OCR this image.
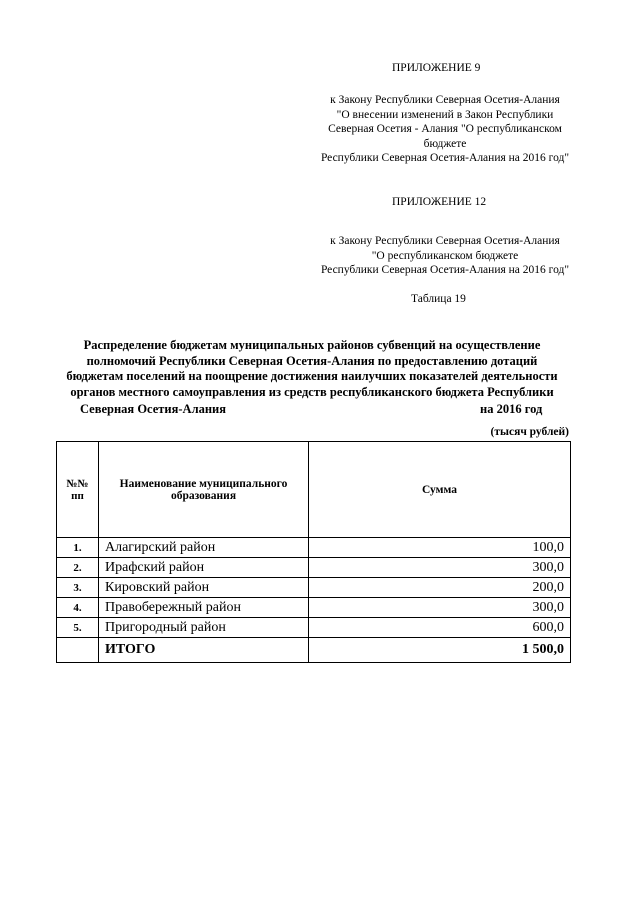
ПРИЛОЖЕНИЕ 9
к Закону Республики Северная Осетия-Алания
"О внесении изменений в Закон Республики
Северная Осетия - Алания "О республиканском
бюджете
Республики Северная Осетия-Алания на 2016 год"
ПРИЛОЖЕНИЕ 12
к Закону Республики Северная Осетия-Алания
"О республиканском бюджете
Республики Северная Осетия-Алания на 2016 год"
Таблица 19
Распределение бюджетам муниципальных районов субвенций на осуществление
полномочий Республики Северная Осетия-Алания по предоставлению дотаций
бюджетам поселений на поощрение достижения наилучших показателей деятельности
органов местного самоуправления из средств республиканского бюджета Республики
Северная Осетия-Алания	на 2016 год
(тысяч рублей)
№№ пп	Наименование муниципального образования	Сумма
1.	Алагирский район	100,0
2.	Ирафский район	300,0
3.	Кировский район	200,0
4.	Правобережный район	300,0
5.	Пригородный район	600,0
	ИТОГО	1 500,0
